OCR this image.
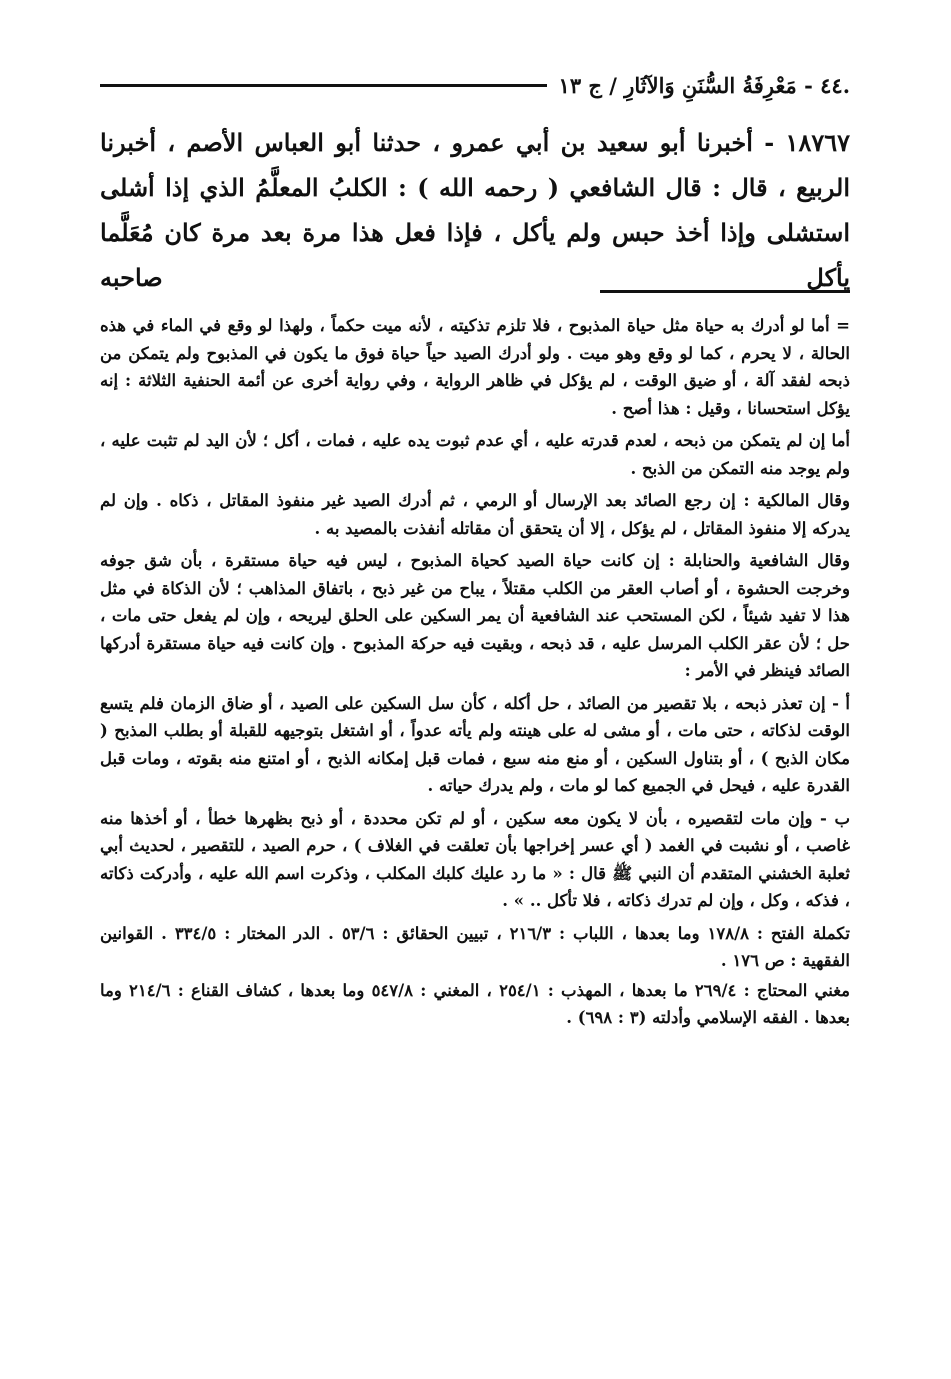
.٤٤ - مَعْرِفَةُ السُّنَنِ وَالآثَارِ / ج ١٣
١٨٧٦٧ - أخبرنا أبو سعيد بن أبي عمرو ، حدثنا أبو العباس الأصم ، أخبرنا الربيع ، قال : قال الشافعي ( رحمه الله ) : الكلبُ المعلَّمُ الذي إذا أشلى استشلى وإذا أخذ حبس ولم يأكل ، فإذا فعل هذا مرة بعد مرة كان مُعَلَّما يأكل صاحبه

= أما لو أدرك به حياة مثل حياة المذبوح ، فلا تلزم تذكيته ، لأنه ميت حكماً ، ولهذا لو وقع في الماء في هذه الحالة ، لا يحرم ، كما لو وقع وهو ميت . ولو أدرك الصيد حياً حياة فوق ما يكون في المذبوح ولم يتمكن من ذبحه لفقد آلة ، أو ضيق الوقت ، لم يؤكل في ظاهر الرواية ، وفي رواية أخرى عن أئمة الحنفية الثلاثة : إنه يؤكل استحسانا ، وقيل : هذا أصح .

أما إن لم يتمكن من ذبحه ، لعدم قدرته عليه ، أي عدم ثبوت يده عليه ، فمات ، أكل ؛ لأن اليد لم تثبت عليه ، ولم يوجد منه التمكن من الذبح .

وقال المالكية : إن رجع الصائد بعد الإرسال أو الرمي ، ثم أدرك الصيد غير منفوذ المقاتل ، ذكاه . وإن لم يدركه إلا منفوذ المقاتل ، لم يؤكل ، إلا أن يتحقق أن مقاتله أنفذت بالمصيد به .

وقال الشافعية والحنابلة : إن كانت حياة الصيد كحياة المذبوح ، ليس فيه حياة مستقرة ، بأن شق جوفه وخرجت الحشوة ، أو أصاب العقر من الكلب مقتلاً ، يباح من غير ذبح ، باتفاق المذاهب ؛ لأن الذكاة في مثل هذا لا تفيد شيئاً ، لكن المستحب عند الشافعية أن يمر السكين على الحلق ليريحه ، وإن لم يفعل حتى مات ، حل ؛ لأن عقر الكلب المرسل عليه ، قد ذبحه ، وبقيت فيه حركة المذبوح . وإن كانت فيه حياة مستقرة أدركها الصائد فينظر في الأمر :

أ - إن تعذر ذبحه ، بلا تقصير من الصائد ، حل أكله ، كأن سل السكين على الصيد ، أو ضاق الزمان فلم يتسع الوقت لذكاته ، حتى مات ، أو مشى له على هينته ولم يأته عدواً ، أو اشتغل بتوجيهه للقبلة أو بطلب المذبح ( مكان الذبح ) ، أو بتناول السكين ، أو منع منه سبع ، فمات قبل إمكانه الذبح ، أو امتنع منه بقوته ، ومات قبل القدرة عليه ، فيحل في الجميع كما لو مات ، ولم يدرك حياته .

ب - وإن مات لتقصيره ، بأن لا يكون معه سكين ، أو لم تكن محددة ، أو ذبح بظهرها خطأ ، أو أخذها منه غاصب ، أو نشبت في الغمد ( أي عسر إخراجها بأن تعلقت في الغلاف ) ، حرم الصيد ، للتقصير ، لحديث أبي ثعلبة الخشني المتقدم أن النبي ﷺ قال : « ما رد عليك كلبك المكلب ، وذكرت اسم الله عليه ، وأدركت ذكاته ، فذكه ، وكل ، وإن لم تدرك ذكاته ، فلا تأكل .. » .

تكملة الفتح : ١٧٨/٨ وما بعدها ، اللباب : ٢١٦/٣ ، تبيين الحقائق : ٥٣/٦ . الدر المختار : ٣٣٤/٥ . القوانين الفقهية : ص ١٧٦ .

مغني المحتاج : ٢٦٩/٤ ما بعدها ، المهذب : ٢٥٤/١ ، المغني : ٥٤٧/٨ وما بعدها ، كشاف القناع : ٢١٤/٦ وما بعدها . الفقه الإسلامي وأدلته (٣ : ٦٩٨) .
